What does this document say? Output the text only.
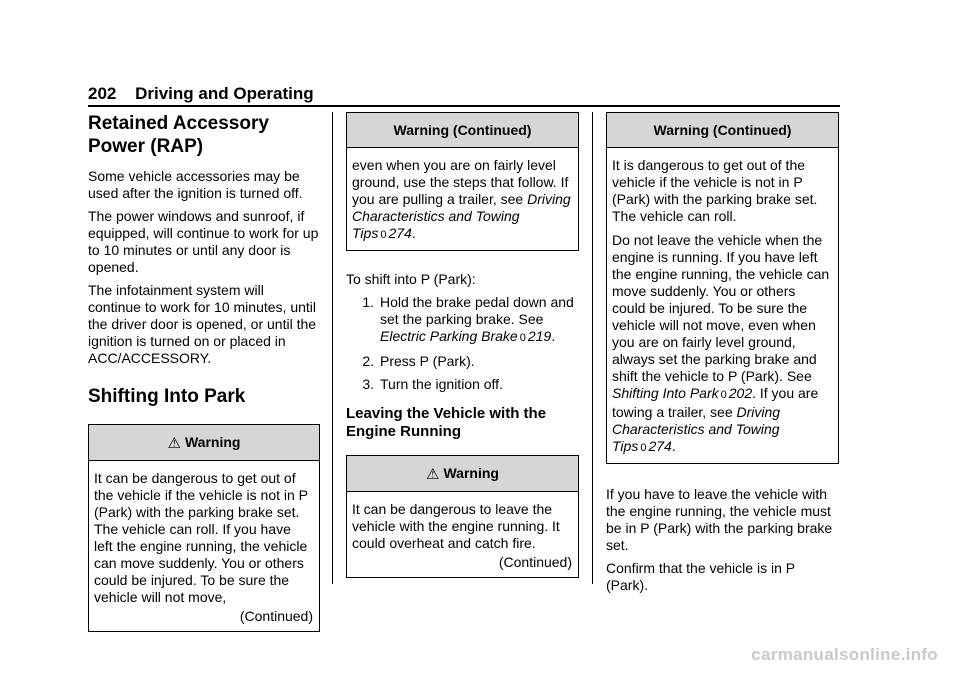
202 Driving and Operating
Retained Accessory Power (RAP)

Some vehicle accessories may be used after the ignition is turned off.

The power windows and sunroof, if equipped, will continue to work for up to 10 minutes or until any door is opened.

The infotainment system will continue to work for 10 minutes, until the driver door is opened, or until the ignition is turned on or placed in ACC/ACCESSORY.

Shifting Into Park
⚠ Warning

It can be dangerous to get out of the vehicle if the vehicle is not in P (Park) with the parking brake set. The vehicle can roll. If you have left the engine running, the vehicle can move suddenly. You or others could be injured. To be sure the vehicle will not move,

(Continued)
Warning (Continued)

even when you are on fairly level ground, use the steps that follow. If you are pulling a trailer, see Driving Characteristics and Towing Tips 0 274.

To shift into P (Park):

1. Hold the brake pedal down and set the parking brake. See Electric Parking Brake 0 219.
2. Press P (Park).
3. Turn the ignition off.
Leaving the Vehicle with the Engine Running
⚠ Warning

It can be dangerous to leave the vehicle with the engine running. It could overheat and catch fire.

(Continued)
Warning (Continued)

It is dangerous to get out of the vehicle if the vehicle is not in P (Park) with the parking brake set. The vehicle can roll.

Do not leave the vehicle when the engine is running. If you have left the engine running, the vehicle can move suddenly. You or others could be injured. To be sure the vehicle will not move, even when you are on fairly level ground, always set the parking brake and shift the vehicle to P (Park). See Shifting Into Park 0 202. If you are towing a trailer, see Driving Characteristics and Towing Tips 0 274.

If you have to leave the vehicle with the engine running, the vehicle must be in P (Park) with the parking brake set.

Confirm that the vehicle is in P (Park).

carmanualsonline.info
